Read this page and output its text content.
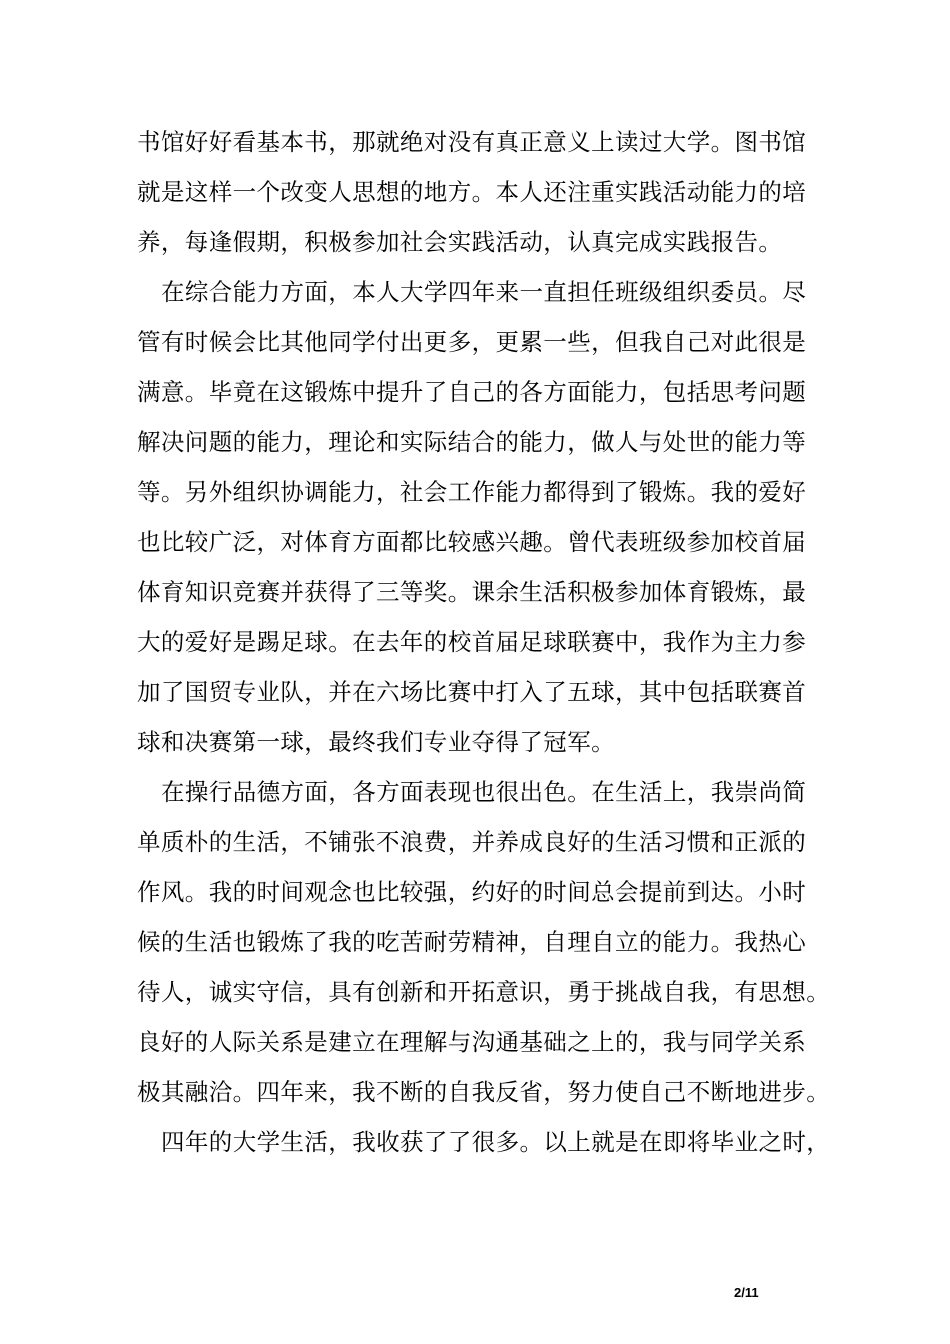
书馆好好看基本书，那就绝对没有真正意义上读过大学。图书馆
就是这样一个改变人思想的地方。本人还注重实践活动能力的培
养，每逢假期，积极参加社会实践活动，认真完成实践报告。
在综合能力方面，本人大学四年来一直担任班级组织委员。尽
管有时候会比其他同学付出更多，更累一些，但我自己对此很是
满意。毕竟在这锻炼中提升了自己的各方面能力，包括思考问题
解决问题的能力，理论和实际结合的能力，做人与处世的能力等
等。另外组织协调能力，社会工作能力都得到了锻炼。我的爱好
也比较广泛，对体育方面都比较感兴趣。曾代表班级参加校首届
体育知识竞赛并获得了三等奖。课余生活积极参加体育锻炼，最
大的爱好是踢足球。在去年的校首届足球联赛中，我作为主力参
加了国贸专业队，并在六场比赛中打入了五球，其中包括联赛首
球和决赛第一球，最终我们专业夺得了冠军。
在操行品德方面，各方面表现也很出色。在生活上，我崇尚简
单质朴的生活，不铺张不浪费，并养成良好的生活习惯和正派的
作风。我的时间观念也比较强，约好的时间总会提前到达。小时
候的生活也锻炼了我的吃苦耐劳精神，自理自立的能力。我热心
待人，诚实守信，具有创新和开拓意识，勇于挑战自我，有思想。
良好的人际关系是建立在理解与沟通基础之上的，我与同学关系
极其融洽。四年来，我不断的自我反省，努力使自己不断地进步。
四年的大学生活，我收获了了很多。以上就是在即将毕业之时，
2/11
